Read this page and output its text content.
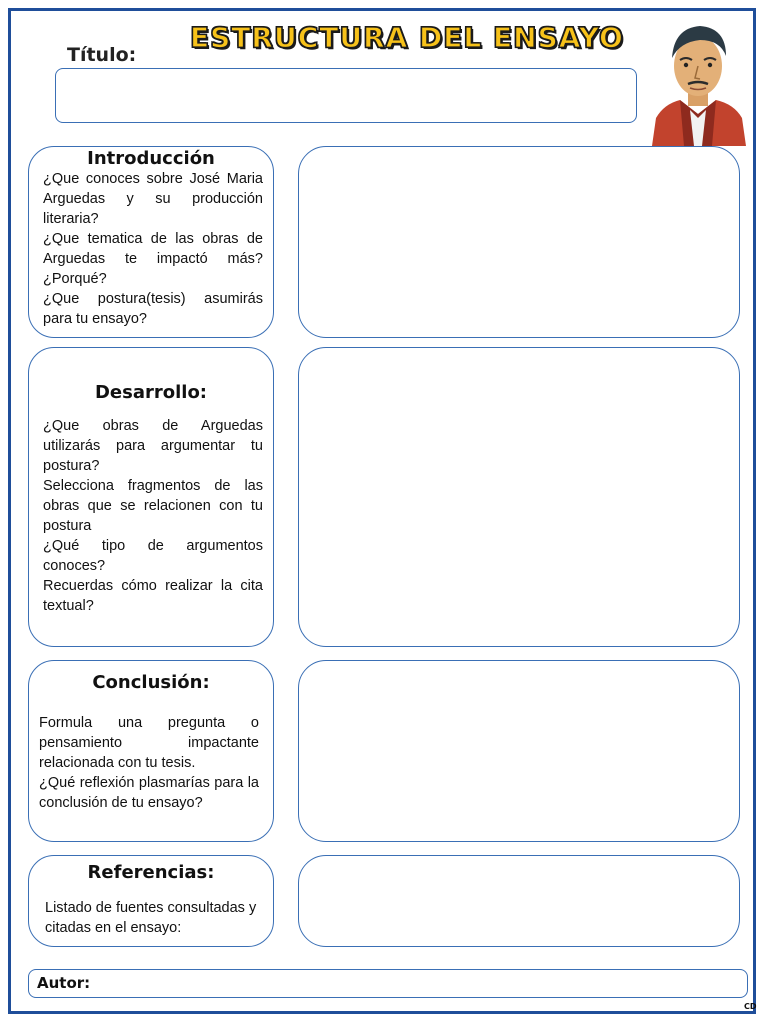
ESTRUCTURA DEL ENSAYO
Título:
Introducción

¿Que conoces sobre José Maria Arguedas y su producción literaria?

¿Que tematica de las obras de Arguedas te impactó más? ¿Porqué?

¿Que postura(tesis) asumirás para tu ensayo?

Desarrollo:

¿Que obras de Arguedas utilizarás para argumentar tu postura?

Selecciona fragmentos de las obras que se relacionen con tu postura

¿Qué tipo de argumentos conoces?

Recuerdas cómo realizar la cita textual?

Conclusión:

Formula una pregunta o pensamiento impactante relacionada con tu tesis.

¿Qué reflexión plasmarías para la conclusión de tu ensayo?

Referencias:

Listado de fuentes consultadas y citadas en el ensayo:

Autor:
CD
